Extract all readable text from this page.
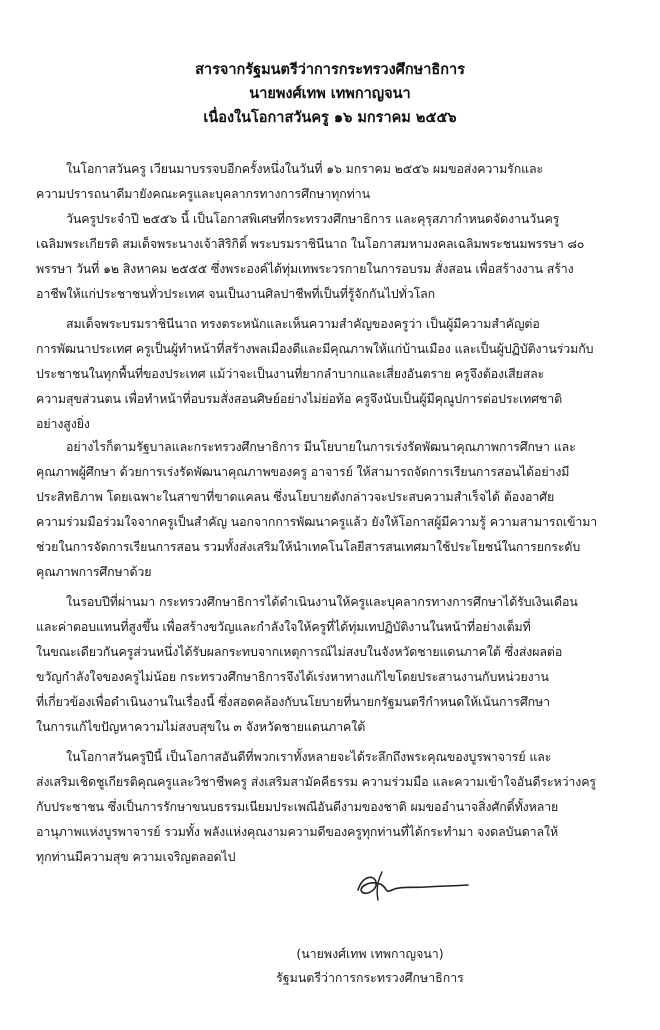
สารจากรัฐมนตรีว่าการกระทรวงศึกษาธิการ
นายพงศ์เทพ เทพกาญจนา
เนื่องในโอกาสวันครู ๑๖ มกราคม ๒๕๕๖
ในโอกาสวันครู เวียนมาบรรจบอีกครั้งหนึ่งในวันที่ ๑๖ มกราคม ๒๕๕๖ ผมขอส่งความรักและ
ความปรารถนาดีมายังคณะครูและบุคลากรทางการศึกษาทุกท่าน
วันครูประจำปี ๒๕๕๖ นี้ เป็นโอกาสพิเศษที่กระทรวงศึกษาธิการ และคุรุสภากำหนดจัดงานวันครู
เฉลิมพระเกียรติ สมเด็จพระนางเจ้าสิริกิติ์ พระบรมราชินีนาถ ในโอกาสมหามงคลเฉลิมพระชนมพรรษา ๘๐
พรรษา วันที่ ๑๒ สิงหาคม ๒๕๕๕ ซึ่งพระองค์ได้ทุ่มเทพระวรกายในการอบรม สั่งสอน เพื่อสร้างงาน สร้าง
อาชีพให้แก่ประชาชนทั่วประเทศ จนเป็นงานศิลปาชีพที่เป็นที่รู้จักกันไปทั่วโลก
สมเด็จพระบรมราชินีนาถ ทรงตระหนักและเห็นความสำคัญของครูว่า เป็นผู้มีความสำคัญต่อ
การพัฒนาประเทศ ครูเป็นผู้ทำหน้าที่สร้างพลเมืองดีและมีคุณภาพให้แก่บ้านเมือง และเป็นผู้ปฏิบัติงานร่วมกับ
ประชาชนในทุกพื้นที่ของประเทศ แม้ว่าจะเป็นงานที่ยากลำบากและเสี่ยงอันตราย ครูจึงต้องเสียสละ
ความสุขส่วนตน เพื่อทำหน้าที่อบรมสั่งสอนศิษย์อย่างไม่ย่อท้อ ครูจึงนับเป็นผู้มีคุณูปการต่อประเทศชาติ
อย่างสูงยิ่ง
อย่างไรก็ตามรัฐบาลและกระทรวงศึกษาธิการ มีนโยบายในการเร่งรัดพัฒนาคุณภาพการศึกษา และ
คุณภาพผู้ศึกษา ด้วยการเร่งรัดพัฒนาคุณภาพของครู อาจารย์ ให้สามารถจัดการเรียนการสอนได้อย่างมี
ประสิทธิภาพ โดยเฉพาะในสาขาที่ขาดแคลน ซึ่งนโยบายดังกล่าวจะประสบความสำเร็จได้ ต้องอาศัย
ความร่วมมือร่วมใจจากครูเป็นสำคัญ นอกจากการพัฒนาครูแล้ว ยังให้โอกาสผู้มีความรู้ ความสามารถเข้ามา
ช่วยในการจัดการเรียนการสอน รวมทั้งส่งเสริมให้นำเทคโนโลยีสารสนเทศมาใช้ประโยชน์ในการยกระดับ
คุณภาพการศึกษาด้วย
ในรอบปีที่ผ่านมา กระทรวงศึกษาธิการได้ดำเนินงานให้ครูและบุคลากรทางการศึกษาได้รับเงินเดือน
และค่าตอบแทนที่สูงขึ้น เพื่อสร้างขวัญและกำลังใจให้ครูที่ได้ทุ่มเทปฏิบัติงานในหน้าที่อย่างเต็มที่
ในขณะเดียวกันครูส่วนหนึ่งได้รับผลกระทบจากเหตุการณ์ไม่สงบในจังหวัดชายแดนภาคใต้ ซึ่งส่งผลต่อ
ขวัญกำลังใจของครูไม่น้อย กระทรวงศึกษาธิการจึงได้เร่งหาทางแก้ไขโดยประสานงานกับหน่วยงาน
ที่เกี่ยวข้องเพื่อดำเนินงานในเรื่องนี้ ซึ่งสอดคล้องกับนโยบายที่นายกรัฐมนตรีกำหนดให้เน้นการศึกษา
ในการแก้ไขปัญหาความไม่สงบสุขใน ๓ จังหวัดชายแดนภาคใต้
ในโอกาสวันครูปีนี้ เป็นโอกาสอันดีที่พวกเราทั้งหลายจะได้ระลึกถึงพระคุณของบูรพาจารย์ และ
ส่งเสริมเชิดชูเกียรติคุณครูและวิชาชีพครู ส่งเสริมสามัคคีธรรม ความร่วมมือ และความเข้าใจอันดีระหว่างครู
กับประชาชน ซึ่งเป็นการรักษาขนบธรรมเนียมประเพณีอันดีงามของชาติ ผมขออำนาจสิ่งศักดิ์ทั้งหลาย
อานุภาพแห่งบูรพาจารย์ รวมทั้ง พลังแห่งคุณงามความดีของครูทุกท่านที่ได้กระทำมา จงดลบันดาลให้
ทุกท่านมีความสุข ความเจริญตลอดไป
(นายพงศ์เทพ เทพกาญจนา)
รัฐมนตรีว่าการกระทรวงศึกษาธิการ
